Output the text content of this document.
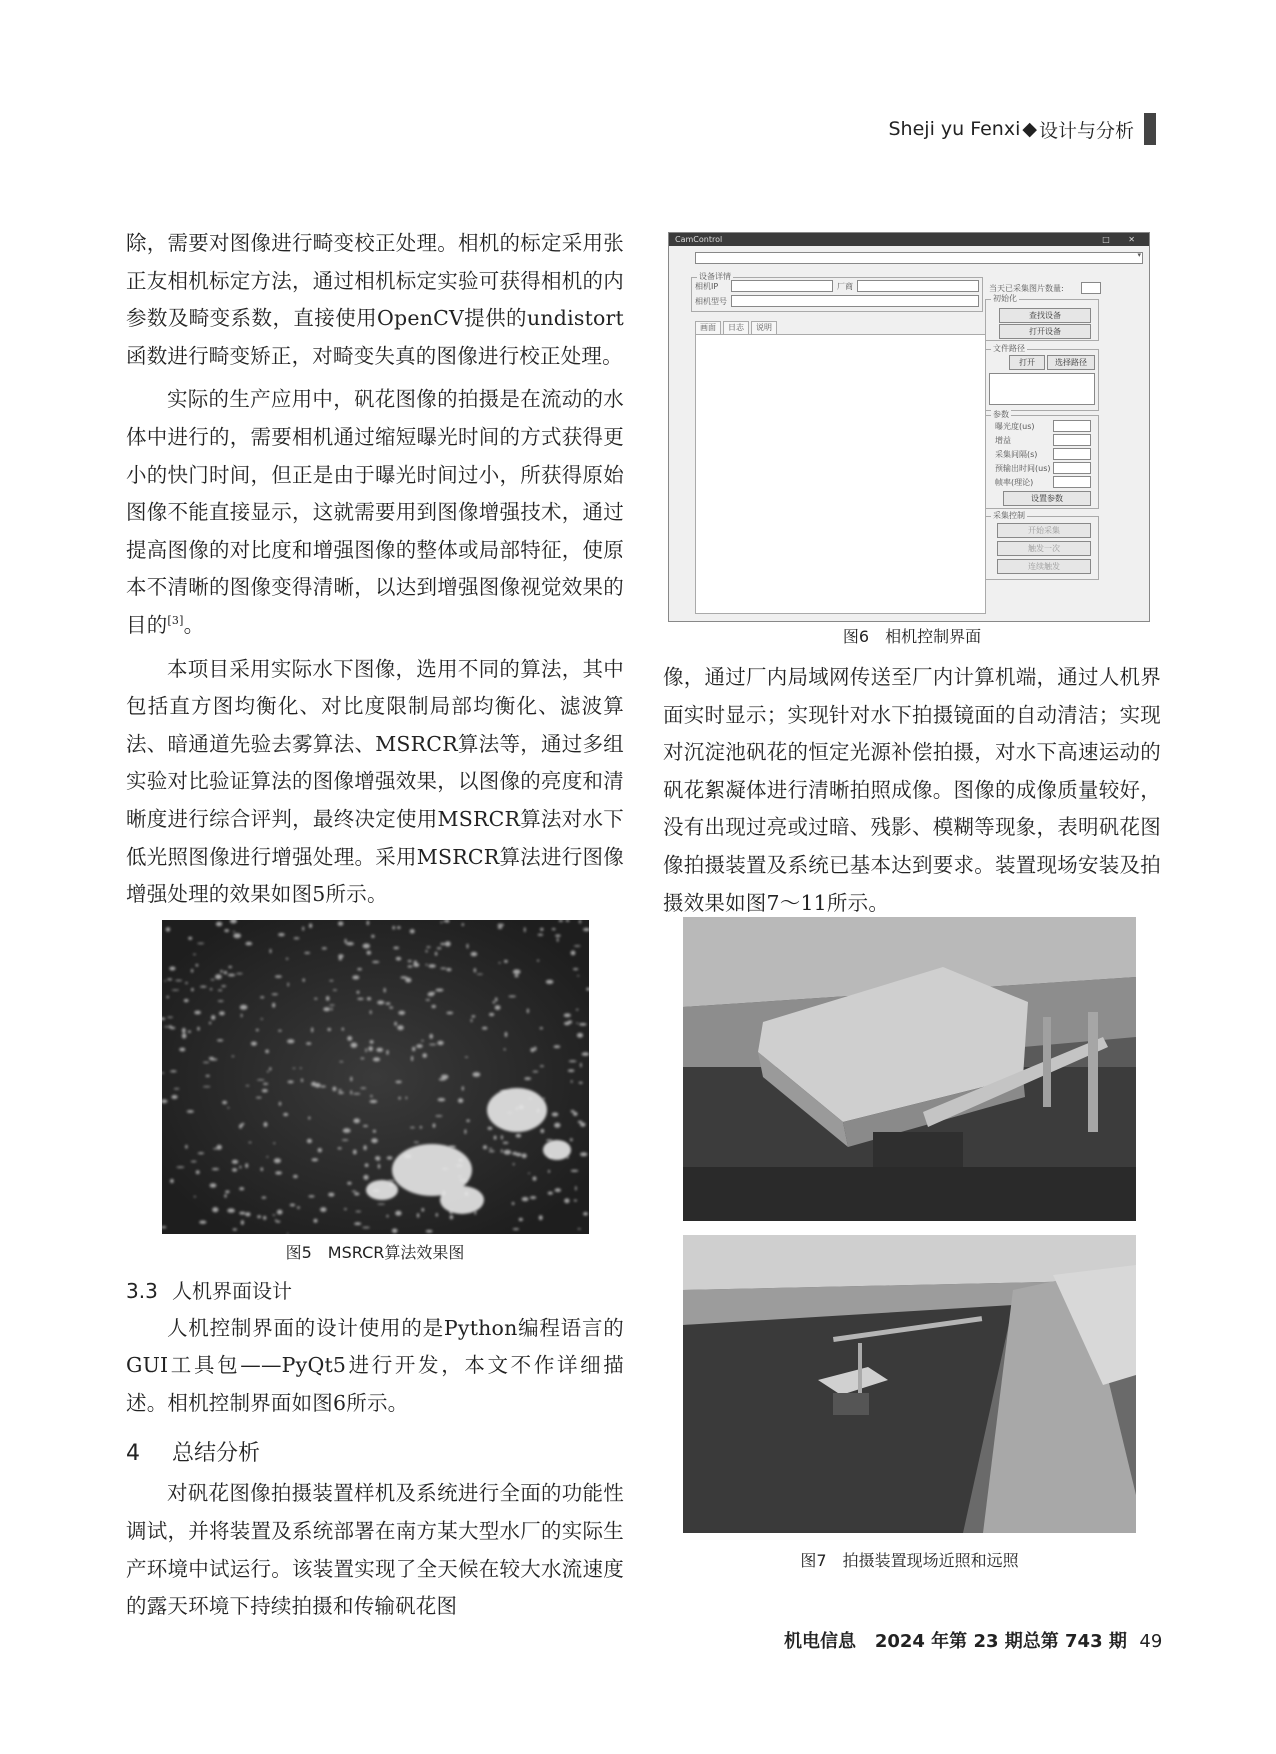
Sheji yu Fenxi ◆ 设计与分析

除，需要对图像进行畸变校正处理。相机的标定采用张正友相机标定方法，通过相机标定实验可获得相机的内参数及畸变系数，直接使用OpenCV提供的undistort函数进行畸变矫正，对畸变失真的图像进行校正处理。

实际的生产应用中，矾花图像的拍摄是在流动的水体中进行的，需要相机通过缩短曝光时间的方式获得更小的快门时间，但正是由于曝光时间过小，所获得原始图像不能直接显示，这就需要用到图像增强技术，通过提高图像的对比度和增强图像的整体或局部特征，使原本不清晰的图像变得清晰，以达到增强图像视觉效果的目的[3]。

本项目采用实际水下图像，选用不同的算法，其中包括直方图均衡化、对比度限制局部均衡化、滤波算法、暗通道先验去雾算法、MSRCR算法等，通过多组实验对比验证算法的图像增强效果，以图像的亮度和清晰度进行综合评判，最终决定使用MSRCR算法对水下低光照图像进行增强处理。采用MSRCR算法进行图像增强处理的效果如图5所示。

图5　MSRCR算法效果图
3.3 人机界面设计

人机控制界面的设计使用的是Python编程语言的GUI工具包——PyQt5进行开发，本文不作详细描述。相机控制界面如图6所示。

4 总结分析

对矾花图像拍摄装置样机及系统进行全面的功能性调试，并将装置及系统部署在南方某大型水厂的实际生产环境中试运行。该装置实现了全天候在较大水流速度的露天环境下持续拍摄和传输矾花图

CamControl	□ ✕
▾
设备详情
相机IP	厂商
相机型号
画面	日志	说明
当天已采集图片数量:
初始化
查找设备
打开设备
文件路径
打开	选择路径
参数
曝光度(us)
增益
采集间隔(s)
预输出时间(us)
帧率(理论)
设置参数
采集控制
开始采集
触发一次
连续触发
图6　相机控制界面

像，通过厂内局域网传送至厂内计算机端，通过人机界面实时显示；实现针对水下拍摄镜面的自动清洁；实现对沉淀池矾花的恒定光源补偿拍摄，对水下高速运动的矾花絮凝体进行清晰拍照成像。图像的成像质量较好，没有出现过亮或过暗、残影、模糊等现象，表明矾花图像拍摄装置及系统已基本达到要求。装置现场安装及拍摄效果如图7～11所示。

图7　拍摄装置现场近照和远照
机电信息 2024 年第 23 期总第 743 期 49
